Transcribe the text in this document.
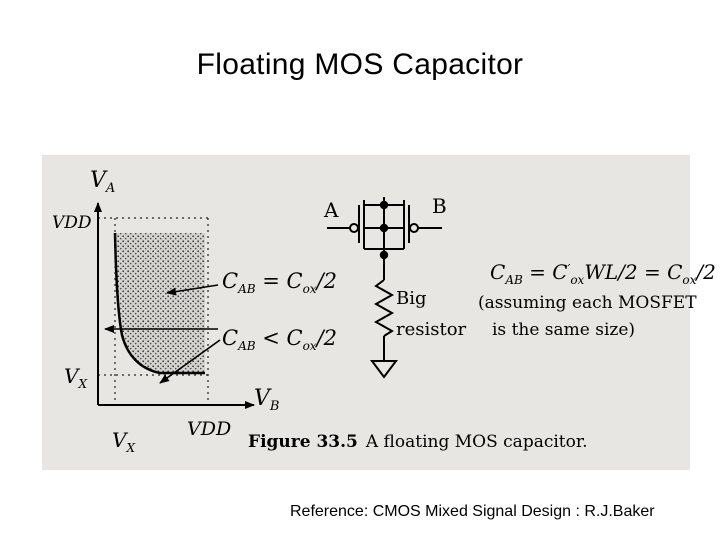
Floating MOS Capacitor
$V_A$
$V_B$
VDD
$V_X$
VDD
$V_X$
$C_{AB} = C_{ox}/2$
$C_{AB} < C_{ox}/2$
A	B
Big
resistor
$C_{AB} = C'_{ox}WL/2 = C_{ox}/2$
(assuming each MOSFET
is the same size)
Figure 33.5 A floating MOS capacitor.
Reference: CMOS Mixed Signal Design : R.J.Baker
